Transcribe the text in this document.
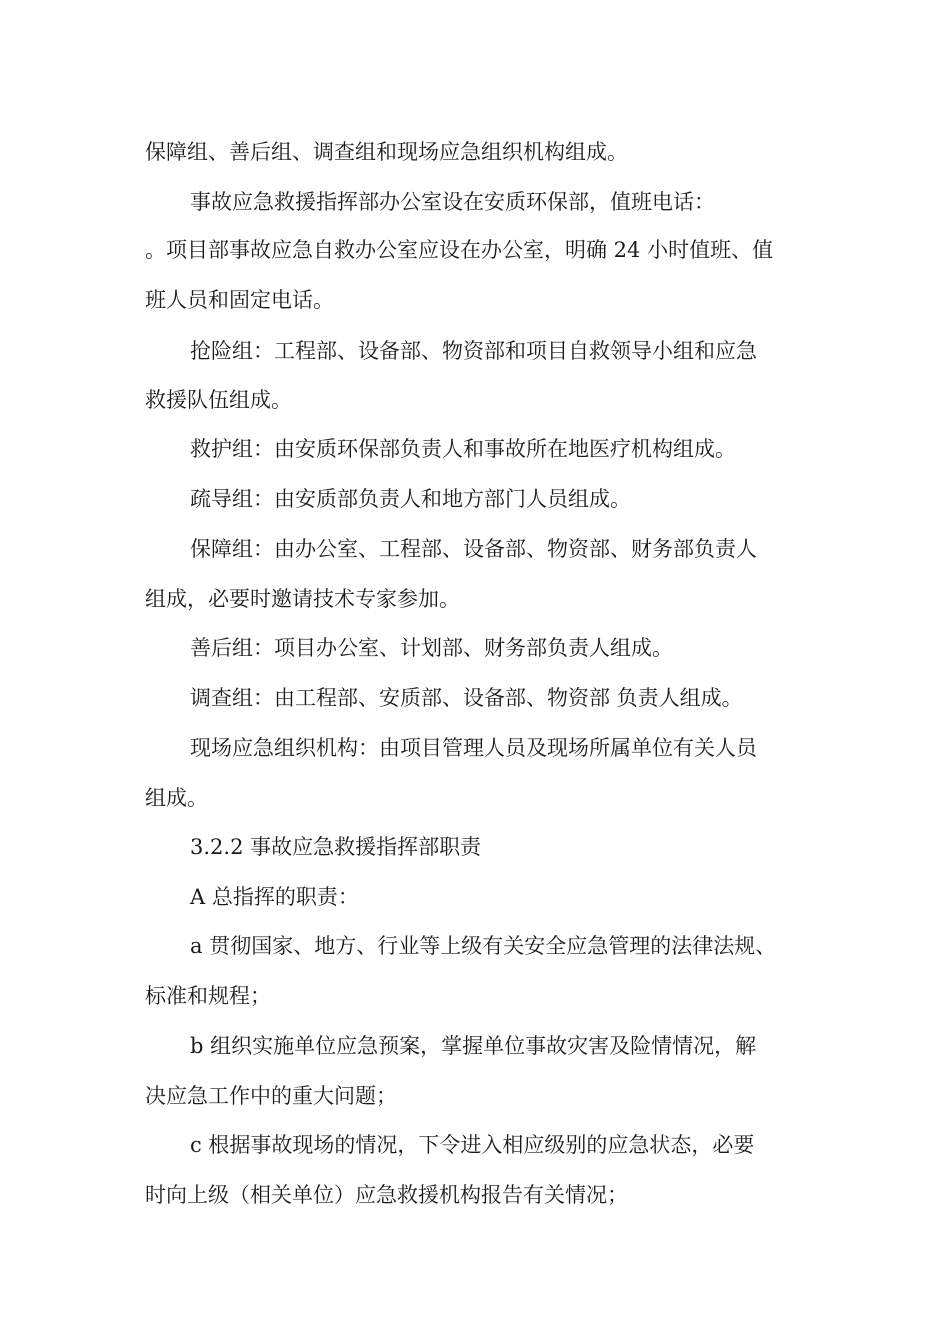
保障组、善后组、调查组和现场应急组织机构组成。
事故应急救援指挥部办公室设在安质环保部，值班电话：
。项目部事故应急自救办公室应设在办公室，明确 24 小时值班、值
班人员和固定电话。
抢险组：工程部、设备部、物资部和项目自救领导小组和应急
救援队伍组成。
救护组：由安质环保部负责人和事故所在地医疗机构组成。
疏导组：由安质部负责人和地方部门人员组成。
保障组：由办公室、工程部、设备部、物资部、财务部负责人
组成，必要时邀请技术专家参加。
善后组：项目办公室、计划部、财务部负责人组成。
调查组：由工程部、安质部、设备部、物资部 负责人组成。
现场应急组织机构：由项目管理人员及现场所属单位有关人员
组成。
3.2.2 事故应急救援指挥部职责
A 总指挥的职责：
a 贯彻国家、地方、行业等上级有关安全应急管理的法律法规、
标准和规程；
b 组织实施单位应急预案，掌握单位事故灾害及险情情况，解
决应急工作中的重大问题；
c 根据事故现场的情况，下令进入相应级别的应急状态，必要
时向上级（相关单位）应急救援机构报告有关情况；
